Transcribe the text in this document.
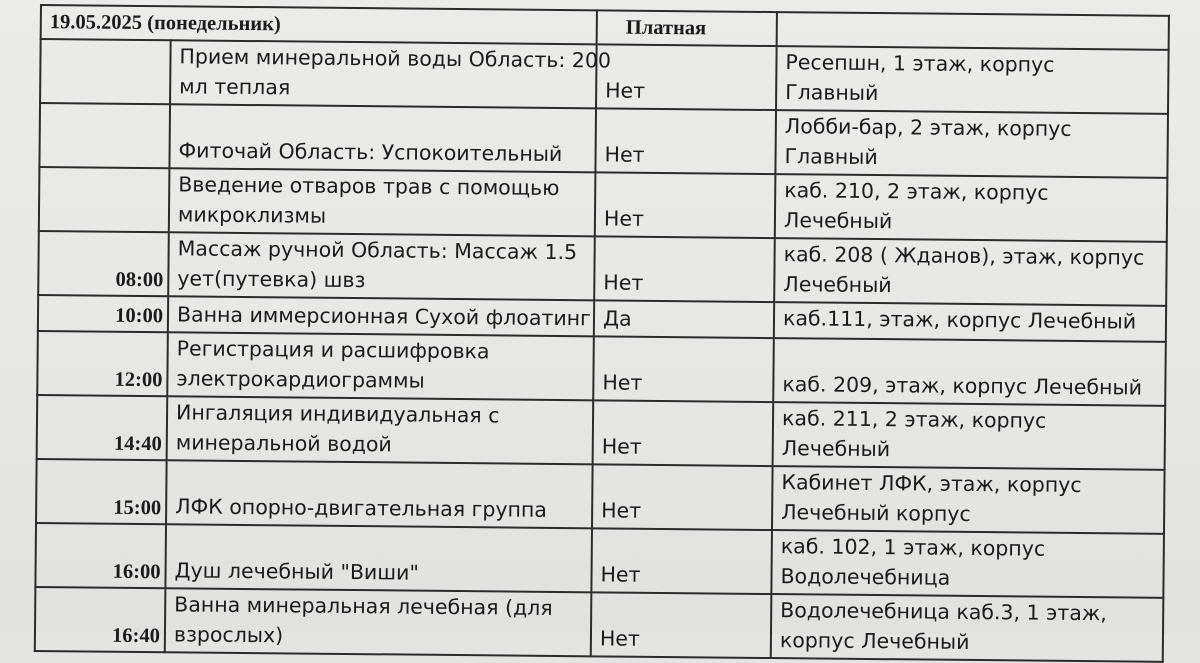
19.05.2025 (понедельник)		Платная	

	Прием минеральной воды Область: 200
мл теплая	Нет	Ресепшн, 1 этаж, корпус
Главный

	Фиточай Область: Успокоительный	Нет	Лобби-бар, 2 этаж, корпус
Главный

	Введение отваров трав с помощью
микроклизмы	Нет	каб. 210, 2 этаж, корпус
Лечебный

08:00	Массаж ручной Область: Массаж 1.5
ует(путевка) швз	Нет	каб. 208 ( Жданов), этаж, корпус
Лечебный

10:00	Ванна иммерсионная Сухой флоатинг	Да	каб.111, этаж, корпус Лечебный

12:00	Регистрация и расшифровка
электрокардиограммы	Нет	каб. 209, этаж, корпус Лечебный

14:40	Ингаляция индивидуальная с
минеральной водой	Нет	каб. 211, 2 этаж, корпус
Лечебный

15:00	ЛФК опорно-двигательная группа	Нет	Кабинет ЛФК, этаж, корпус
Лечебный корпус

16:00	Душ лечебный "Виши"	Нет	каб. 102, 1 этаж, корпус
Водолечебница

16:40	Ванна минеральная лечебная (для
взрослых)	Нет	Водолечебница каб.3, 1 этаж,
корпус Лечебный
